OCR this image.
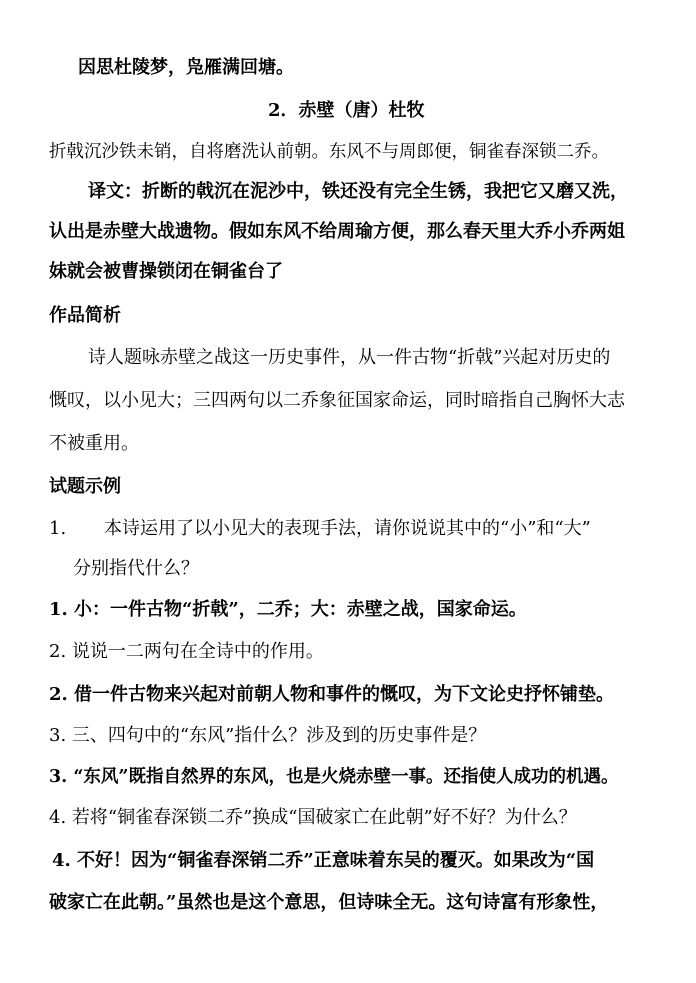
因思杜陵梦，凫雁满回塘。
2．赤壁（唐）杜牧
折戟沉沙铁未销，自将磨洗认前朝。东风不与周郎便，铜雀春深锁二乔。
译文：折断的戟沉在泥沙中，铁还没有完全生锈，我把它又磨又洗，
认出是赤壁大战遗物。假如东风不给周瑜方便，那么春天里大乔小乔两姐
妹就会被曹操锁闭在铜雀台了
作品简析
诗人题咏赤壁之战这一历史事件，从一件古物“折戟”兴起对历史的
慨叹，以小见大；三四两句以二乔象征国家命运，同时暗指自己胸怀大志
不被重用。
试题示例
1. 本诗运用了以小见大的表现手法，请你说说其中的“小”和“大”
分别指代什么？
1. 小：一件古物“折戟”，二乔；大：赤壁之战，国家命运。
2. 说说一二两句在全诗中的作用。
2. 借一件古物来兴起对前朝人物和事件的慨叹，为下文论史抒怀铺垫。
3. 三、四句中的“东风”指什么？涉及到的历史事件是？
3. “东风”既指自然界的东风，也是火烧赤壁一事。还指使人成功的机遇。
4. 若将“铜雀春深锁二乔”换成“国破家亡在此朝”好不好？为什么？
4. 不好！因为“铜雀春深销二乔”正意味着东吴的覆灭。如果改为“国
破家亡在此朝。”虽然也是这个意思，但诗味全无。这句诗富有形象性，
